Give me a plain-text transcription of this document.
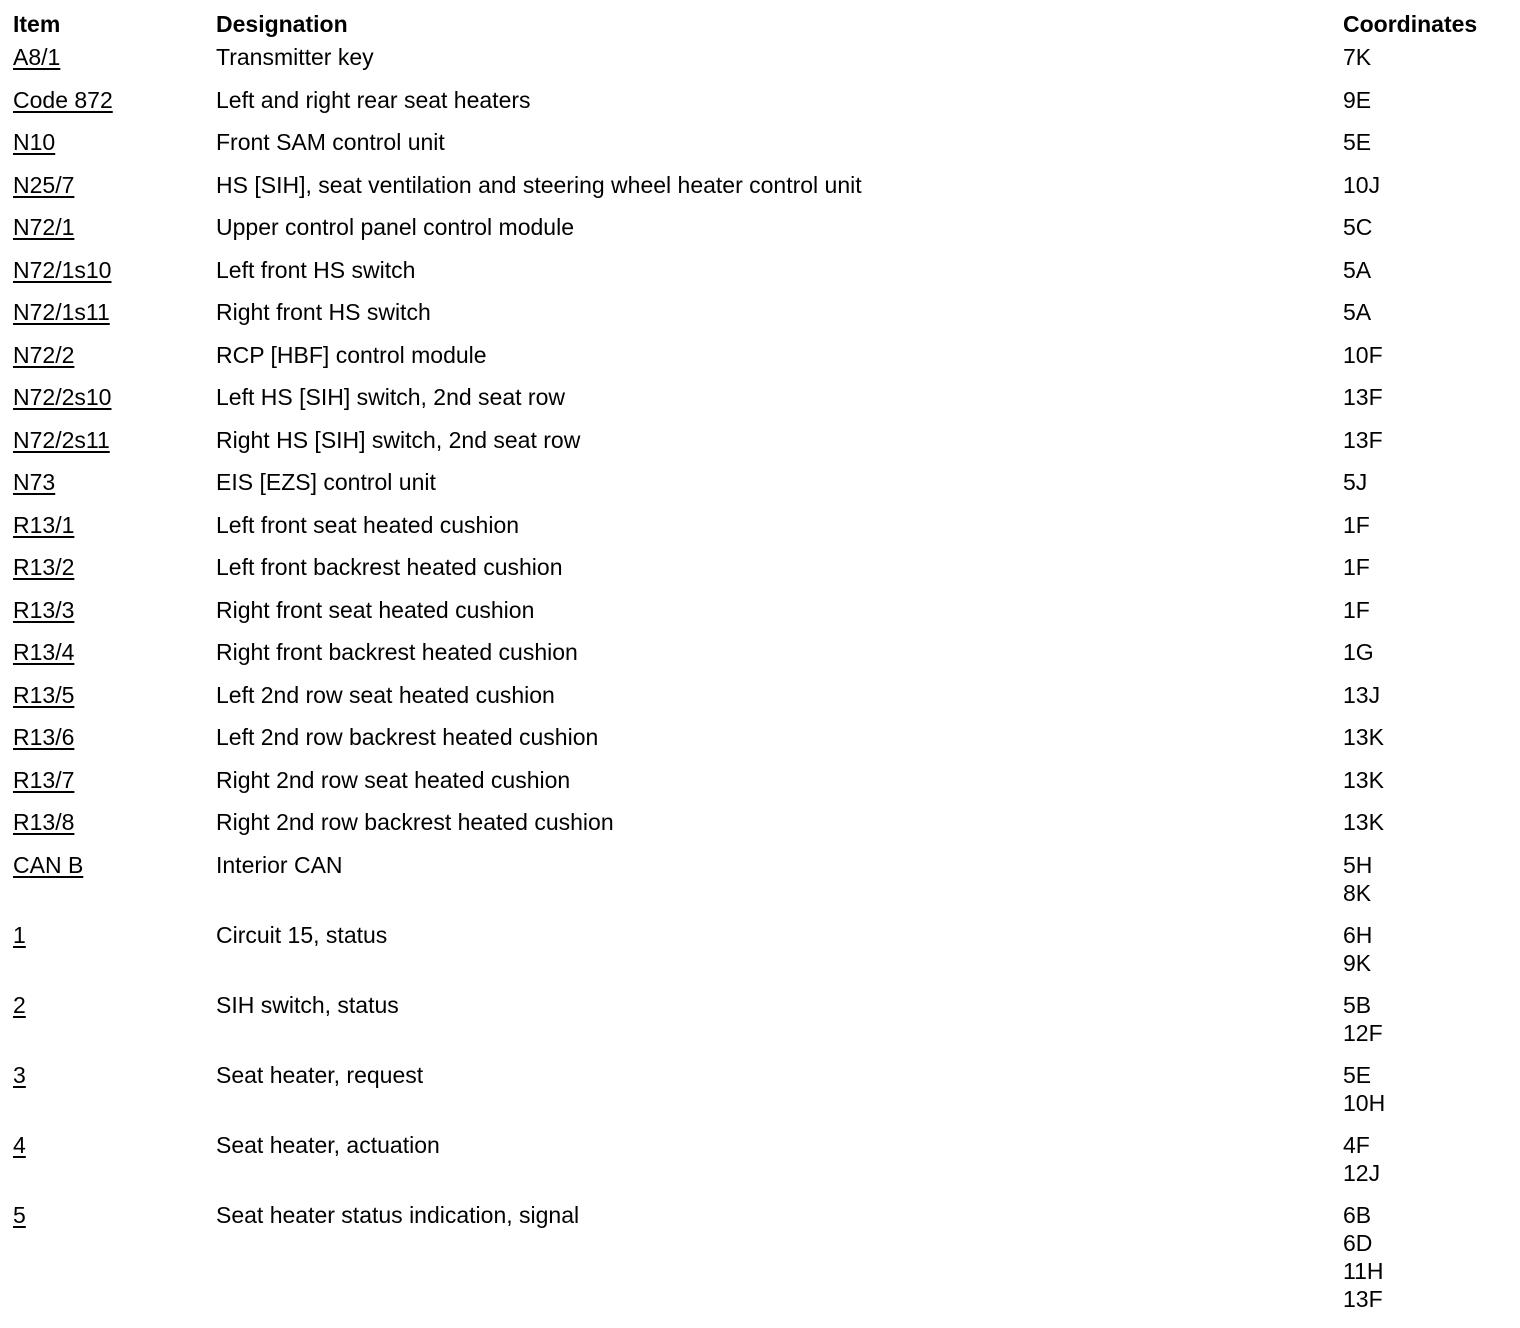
Item	Designation	Coordinates
A8/1	Transmitter key	7K
Code 872	Left and right rear seat heaters	9E
N10	Front SAM control unit	5E
N25/7	HS [SIH], seat ventilation and steering wheel heater control unit	10J
N72/1	Upper control panel control module	5C
N72/1s10	Left front HS switch	5A
N72/1s11	Right front HS switch	5A
N72/2	RCP [HBF] control module	10F
N72/2s10	Left HS [SIH] switch, 2nd seat row	13F
N72/2s11	Right HS [SIH] switch, 2nd seat row	13F
N73	EIS [EZS] control unit	5J
R13/1	Left front seat heated cushion	1F
R13/2	Left front backrest heated cushion	1F
R13/3	Right front seat heated cushion	1F
R13/4	Right front backrest heated cushion	1G
R13/5	Left 2nd row seat heated cushion	13J
R13/6	Left 2nd row backrest heated cushion	13K
R13/7	Right 2nd row seat heated cushion	13K
R13/8	Right 2nd row backrest heated cushion	13K
CAN B	Interior CAN	5H
8K
1	Circuit 15, status	6H
9K
2	SIH switch, status	5B
12F
3	Seat heater, request	5E
10H
4	Seat heater, actuation	4F
12J
5	Seat heater status indication, signal	6B
6D
11H
13F
